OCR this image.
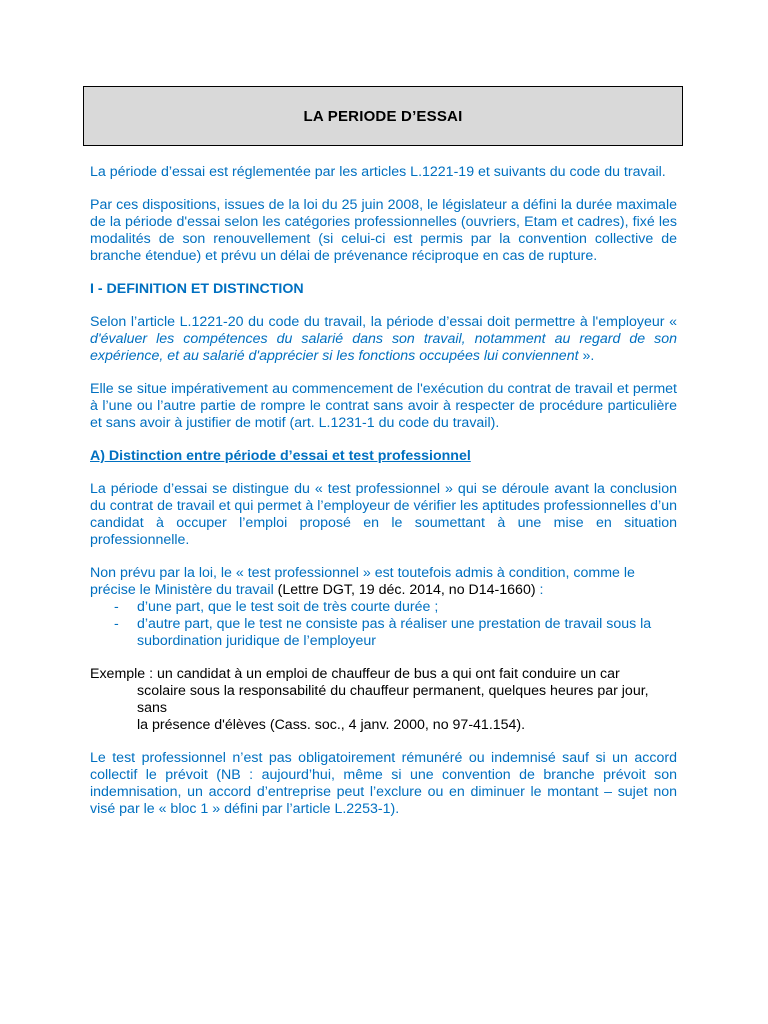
LA PERIODE D’ESSAI

La période d’essai est réglementée par les articles L.1221-19 et suivants du code du travail.

Par ces dispositions, issues de la loi du 25 juin 2008, le législateur a défini la durée maximale de la période d'essai selon les catégories professionnelles (ouvriers, Etam et cadres), fixé les modalités de son renouvellement (si celui-ci est permis par la convention collective de branche étendue) et prévu un délai de prévenance réciproque en cas de rupture.

I - DEFINITION ET DISTINCTION

Selon l’article L.1221-20 du code du travail, la période d’essai doit permettre à l'employeur « d'évaluer les compétences du salarié dans son travail, notamment au regard de son expérience, et au salarié d'apprécier si les fonctions occupées lui conviennent ».

Elle se situe impérativement au commencement de l'exécution du contrat de travail et permet à l’une ou l’autre partie de rompre le contrat sans avoir à respecter de procédure particulière et sans avoir à justifier de motif (art. L.1231-1 du code du travail).

A) Distinction entre période d’essai et test professionnel

La période d’essai se distingue du « test professionnel » qui se déroule avant la conclusion du contrat de travail et qui permet à l’employeur de vérifier les aptitudes professionnelles d’un candidat à occuper l’emploi proposé en le soumettant à une mise en situation professionnelle.

Non prévu par la loi, le « test professionnel » est toutefois admis à condition, comme le précise le Ministère du travail (Lettre DGT, 19 déc. 2014, no D14-1660) :

- d’une part, que le test soit de très courte durée ;
- d’autre part, que le test ne consiste pas à réaliser une prestation de travail sous la subordination juridique de l’employeur

Exemple : un candidat à un emploi de chauffeur de bus a qui ont fait conduire un car
scolaire sous la responsabilité du chauffeur permanent, quelques heures par jour, sans
la présence d'élèves (Cass. soc., 4 janv. 2000, no 97-41.154).

Le test professionnel n’est pas obligatoirement rémunéré ou indemnisé sauf si un accord collectif le prévoit (NB : aujourd’hui, même si une convention de branche prévoit son indemnisation, un accord d’entreprise peut l’exclure ou en diminuer le montant – sujet non visé par le « bloc 1 » défini par l’article L.2253-1).
